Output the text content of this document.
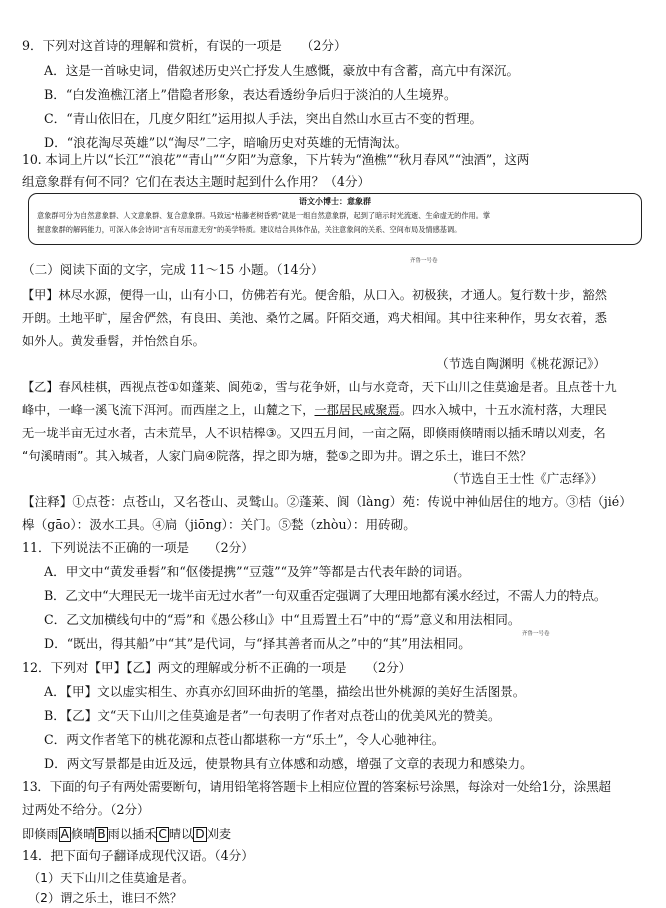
9．下列对这首诗的理解和赏析，有误的一项是　　（2分）
A．这是一首咏史词，借叙述历史兴亡抒发人生感慨，豪放中有含蓄，高亢中有深沉。
B．“白发渔樵江渚上”借隐者形象，表达看透纷争后归于淡泊的人生境界。
C．“青山依旧在，几度夕阳红”运用拟人手法，突出自然山水亘古不变的哲理。
D．“浪花淘尽英雄”以“淘尽”二字，暗喻历史对英雄的无情淘汰。
10. 本词上片以“长江”“浪花”“青山”“夕阳”为意象，下片转为“渔樵”“秋月春风”“浊酒”，这两
组意象群有何不同？它们在表达主题时起到什么作用？（4分）
语文小博士：意象群
意象群可分为自然意象群、人文意象群、复合意象群。马致远“枯藤老树昏鸦”就是一组自然意象群，起到了暗示时光流逝、生命虚无的作用。掌
握意象群的解码能力，可深入体会诗词“言有尽而意无穷”的美学特质。建议结合具体作品，关注意象间的关系、空间布局及情感基调。
（二）阅读下面的文字，完成 11～15 小题。（14分）
齐鲁一号卷
【甲】林尽水源，便得一山，山有小口，仿佛若有光。便舍船，从口入。初极狭，才通人。复行数十步，豁然
开朗。土地平旷，屋舍俨然，有良田、美池、桑竹之属。阡陌交通，鸡犬相闻。其中往来种作，男女衣着，悉
如外人。黄发垂髫，并怡然自乐。
（节选自陶渊明《桃花源记》）
【乙】春风桂棋，西视点苍①如蓬莱、阆苑②，雪与花争妍，山与水竞奇，天下山川之佳莫逾是者。且点苍十九
峰中，一峰一溪飞流下洱河。而西崖之上，山麓之下，一郡居民咸聚焉。四水入城中，十五水流村落，大理民
无一垅半亩无过水者，古未荒旱，人不识桔槔③。又四五月间，一亩之隔，即倏雨倏晴雨以插禾晴以刈麦，名
“句溪晴雨”。其入城者，人家门扃④院落，捍之即为塘，甃⑤之即为井。谓之乐土，谁曰不然？
（节选自王士性《广志绎》）
【注释】①点苍：点苍山，又名苍山、灵鹫山。②蓬莱、阆（làng）苑：传说中神仙居住的地方。③桔（jié）
槔（gāo）：汲水工具。④扃（jiōng）：关门。⑤甃（zhòu）：用砖砌。
11．下列说法不正确的一项是　　（2分）
A．甲文中“黄发垂髫”和“伛偻提携”“豆蔻”“及笄”等都是古代表年龄的词语。
B．乙文中“大理民无一垅半亩无过水者”一句双重否定强调了大理田地都有溪水经过，不需人力的特点。
C．乙文加横线句中的“焉”和《愚公移山》中“且焉置土石”中的“焉”意义和用法相同。
D．“既出，得其船”中“其”是代词，与“择其善者而从之”中的“其”用法相同。
齐鲁一号卷
12．下列对【甲】【乙】两文的理解或分析不正确的一项是　　（2分）
A．【甲】文以虚实相生、亦真亦幻回环曲折的笔墨，描绘出世外桃源的美好生活图景。
B．【乙】文“天下山川之佳莫逾是者”一句表明了作者对点苍山的优美风光的赞美。
C．两文作者笔下的桃花源和点苍山都堪称一方“乐土”，令人心驰神往。
D．两文写景都是由近及远，使景物具有立体感和动感，增强了文章的表现力和感染力。
13．下面的句子有两处需要断句，请用铅笔将答题卡上相应位置的答案标号涂黑，每涂对一处给1分，涂黑超
过两处不给分。（2分）
即倏雨 A 倏晴 B 雨以插禾 C 晴以 D 刈麦
14．把下面句子翻译成现代汉语。（4分）
（1）天下山川之佳莫逾是者。
（2）谓之乐土，谁曰不然？
